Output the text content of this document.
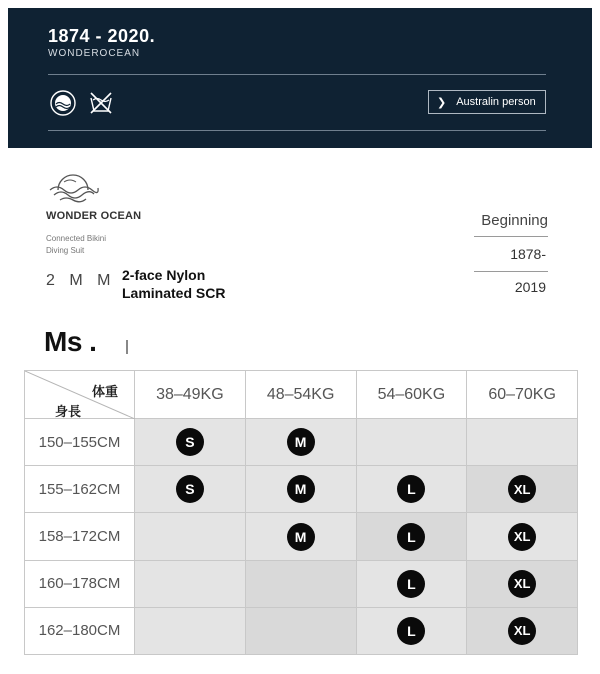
1874 - 2020.
WONDEROCEAN
❯ Australin person
WONDER OCEAN
Connected Bikini
Diving Suit
2 M M 2-face Nylon
Laminated SCR
Beginning
1878-
2019
Ms .
体重
身長	38–49KG	48–54KG	54–60KG	60–70KG
150–155CM	S	M		
155–162CM	S	M	L	XL
158–172CM		M	L	XL
160–178CM			L	XL
162–180CM			L	XL
